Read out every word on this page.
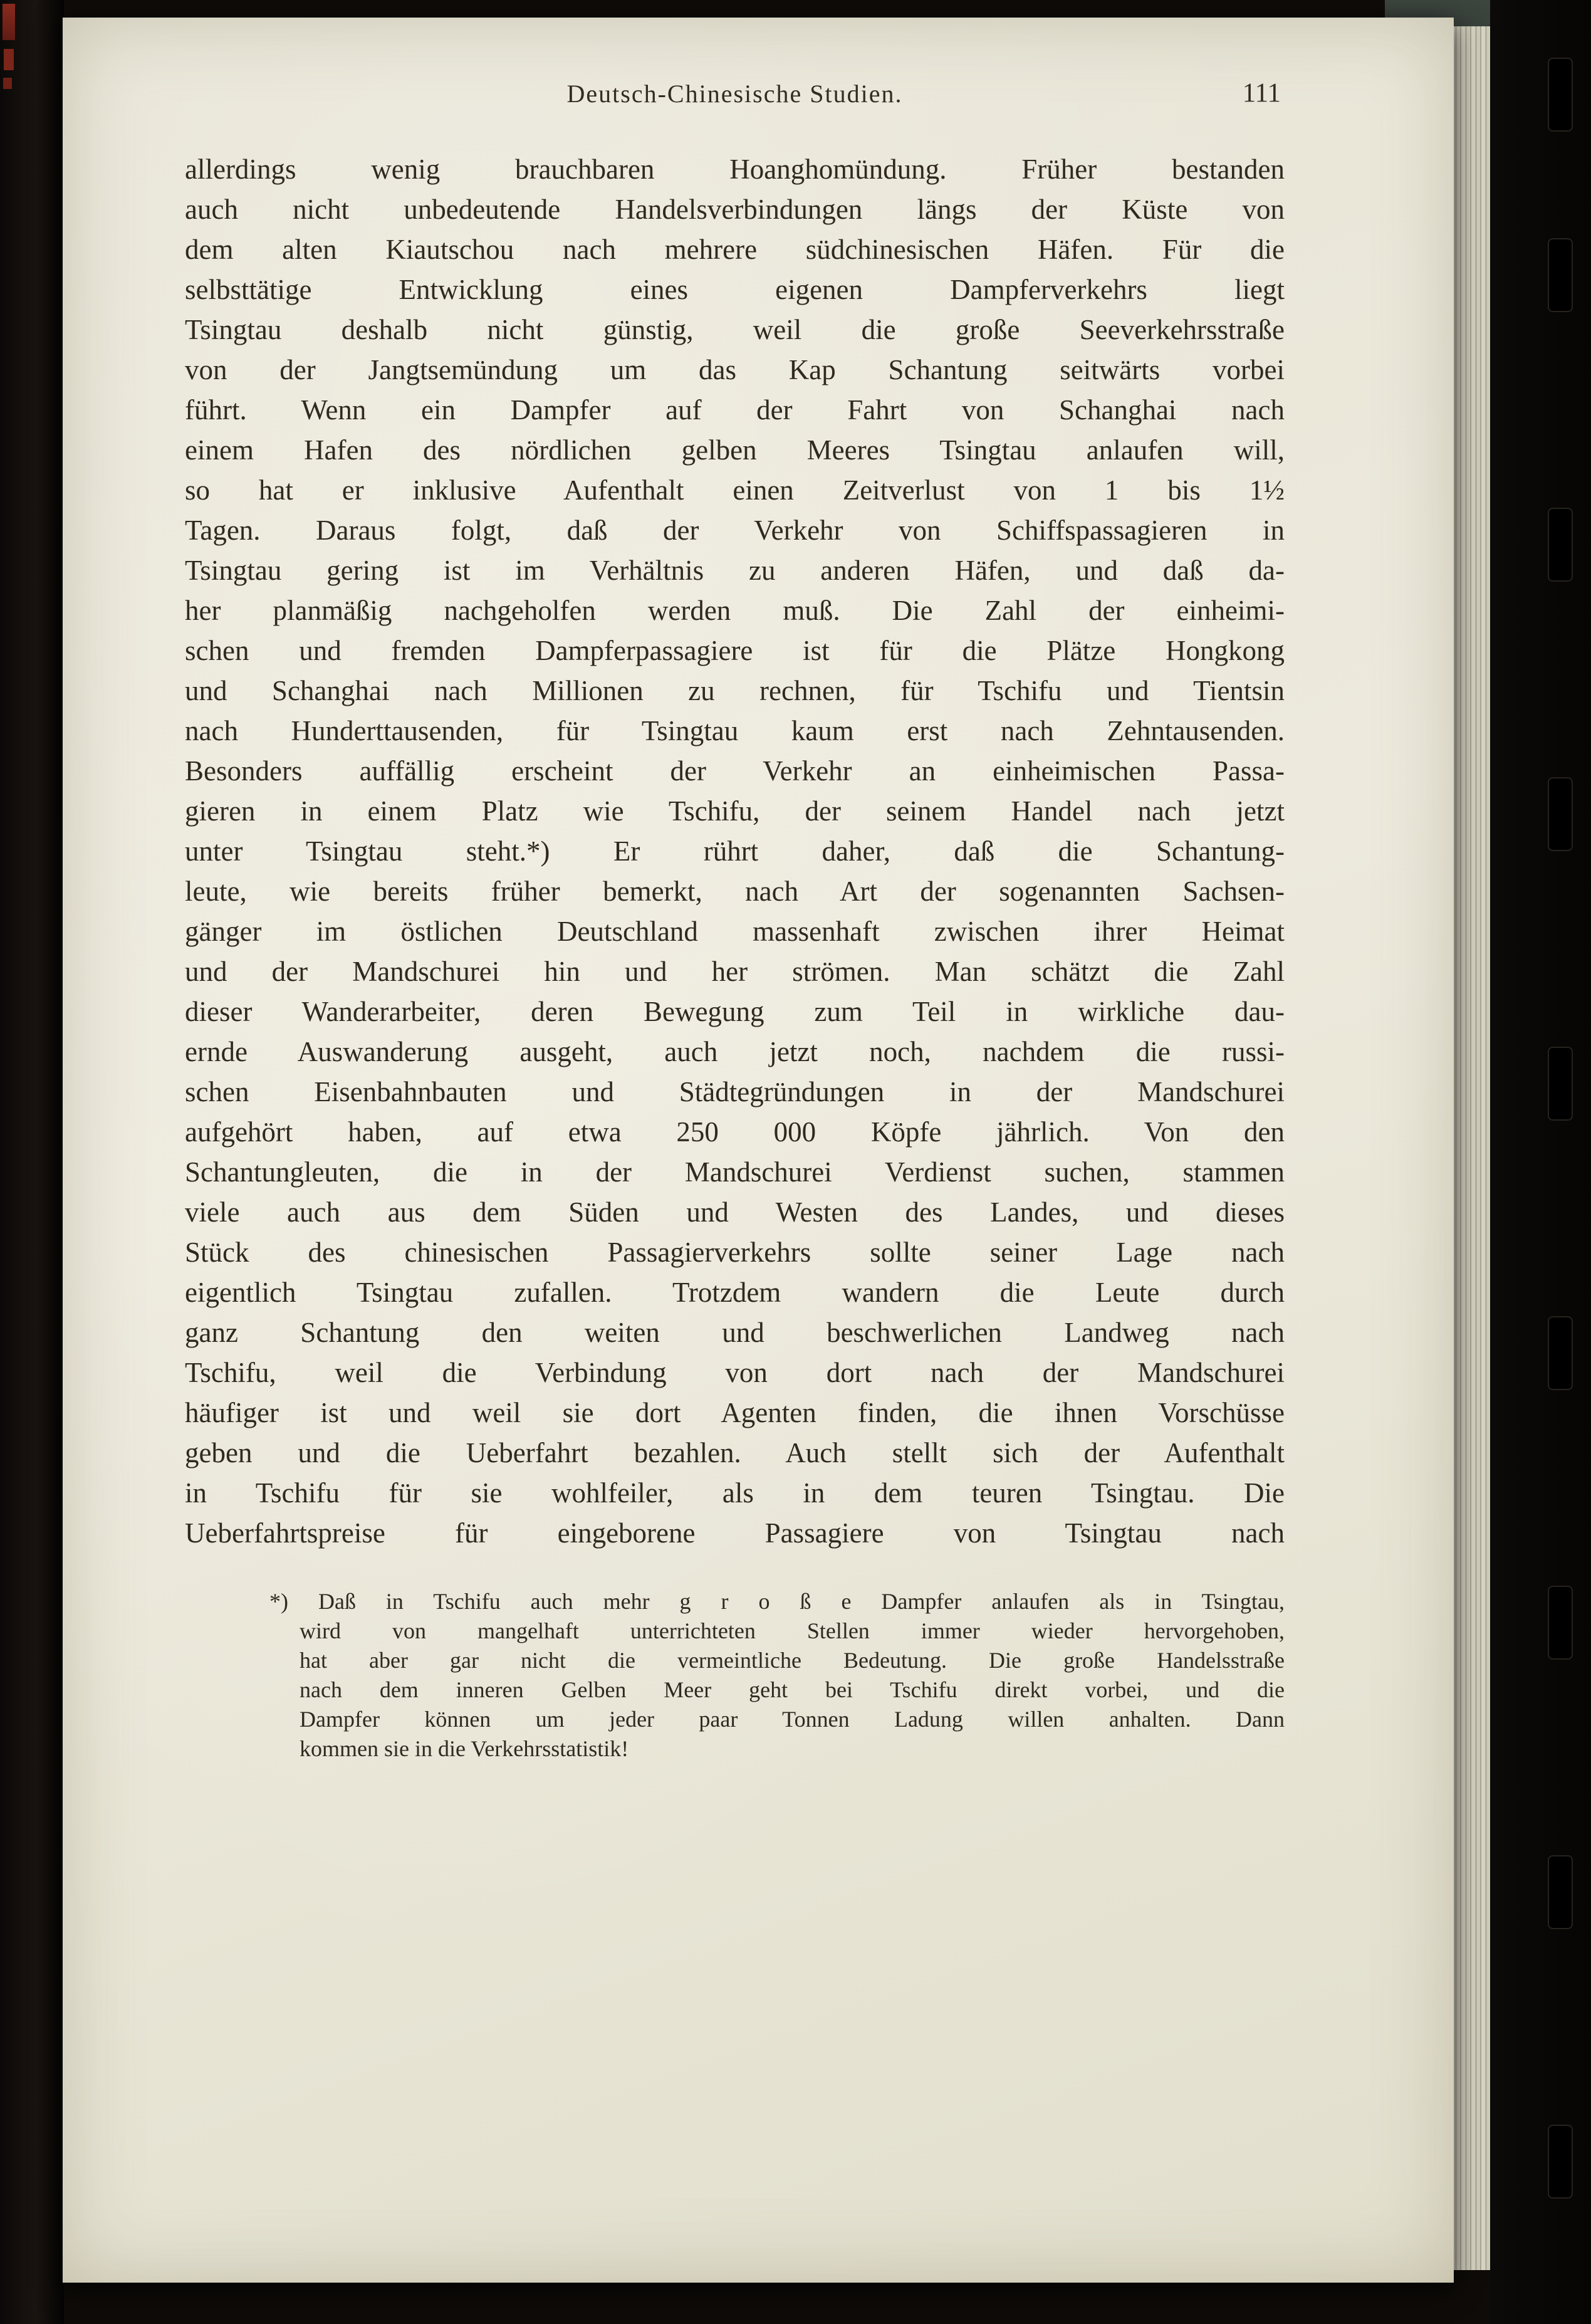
Deutsch-Chinesische Studien.	111
allerdings wenig brauchbaren Hoanghomündung. Früher bestanden
auch nicht unbedeutende Handelsverbindungen längs der Küste von
dem alten Kiautschou nach mehrere südchinesischen Häfen. Für die
selbsttätige Entwicklung eines eigenen Dampferverkehrs liegt
Tsingtau deshalb nicht günstig, weil die große Seeverkehrsstraße
von der Jangtsemündung um das Kap Schantung seitwärts vorbei
führt. Wenn ein Dampfer auf der Fahrt von Schanghai nach
einem Hafen des nördlichen gelben Meeres Tsingtau anlaufen will,
so hat er inklusive Aufenthalt einen Zeitverlust von 1 bis 1½
Tagen. Daraus folgt, daß der Verkehr von Schiffspassagieren in
Tsingtau gering ist im Verhältnis zu anderen Häfen, und daß da-
her planmäßig nachgeholfen werden muß. Die Zahl der einheimi-
schen und fremden Dampferpassagiere ist für die Plätze Hongkong
und Schanghai nach Millionen zu rechnen, für Tschifu und Tientsin
nach Hunderttausenden, für Tsingtau kaum erst nach Zehntausenden.
Besonders auffällig erscheint der Verkehr an einheimischen Passa-
gieren in einem Platz wie Tschifu, der seinem Handel nach jetzt
unter Tsingtau steht.*) Er rührt daher, daß die Schantung-
leute, wie bereits früher bemerkt, nach Art der sogenannten Sachsen-
gänger im östlichen Deutschland massenhaft zwischen ihrer Heimat
und der Mandschurei hin und her strömen. Man schätzt die Zahl
dieser Wanderarbeiter, deren Bewegung zum Teil in wirkliche dau-
ernde Auswanderung ausgeht, auch jetzt noch, nachdem die russi-
schen Eisenbahnbauten und Städtegründungen in der Mandschurei
aufgehört haben, auf etwa 250 000 Köpfe jährlich. Von den
Schantungleuten, die in der Mandschurei Verdienst suchen, stammen
viele auch aus dem Süden und Westen des Landes, und dieses
Stück des chinesischen Passagierverkehrs sollte seiner Lage nach
eigentlich Tsingtau zufallen. Trotzdem wandern die Leute durch
ganz Schantung den weiten und beschwerlichen Landweg nach
Tschifu, weil die Verbindung von dort nach der Mandschurei
häufiger ist und weil sie dort Agenten finden, die ihnen Vorschüsse
geben und die Ueberfahrt bezahlen. Auch stellt sich der Aufenthalt
in Tschifu für sie wohlfeiler, als in dem teuren Tsingtau. Die
Ueberfahrtspreise für eingeborene Passagiere von Tsingtau nach
*) Daß in Tschifu auch mehr g r o ß e Dampfer anlaufen als in Tsingtau,
wird von mangelhaft unterrichteten Stellen immer wieder hervorgehoben,
hat aber gar nicht die vermeintliche Bedeutung. Die große Handelsstraße
nach dem inneren Gelben Meer geht bei Tschifu direkt vorbei, und die
Dampfer können um jeder paar Tonnen Ladung willen anhalten. Dann
kommen sie in die Verkehrsstatistik!
